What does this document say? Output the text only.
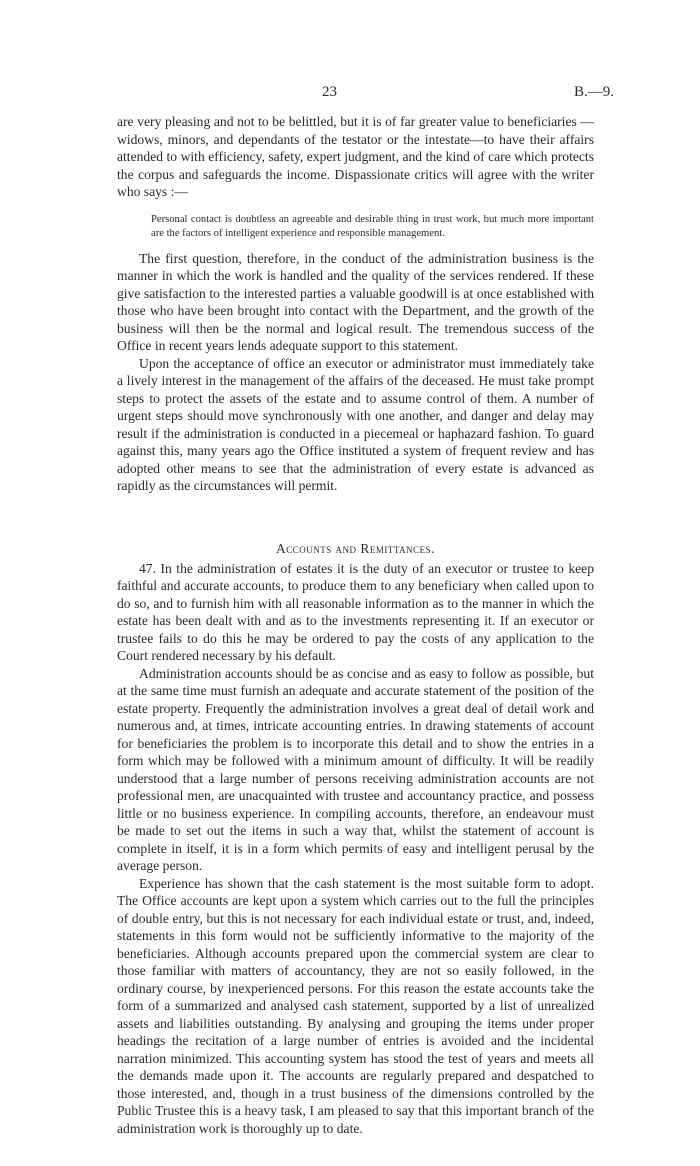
23	B.—9.

are very pleasing and not to be belittled, but it is of far greater value to beneficiaries —widows, minors, and dependants of the testator or the intestate—to have their affairs attended to with efficiency, safety, expert judgment, and the kind of care which protects the corpus and safeguards the income. Dispassionate critics will agree with the writer who says :—

Personal contact is doubtless an agreeable and desirable thing in trust work, but much more important are the factors of intelligent experience and responsible management.

The first question, therefore, in the conduct of the administration business is the manner in which the work is handled and the quality of the services rendered. If these give satisfaction to the interested parties a valuable goodwill is at once established with those who have been brought into contact with the Department, and the growth of the business will then be the normal and logical result. The tremendous success of the Office in recent years lends adequate support to this statement.

Upon the acceptance of office an executor or administrator must immediately take a lively interest in the management of the affairs of the deceased. He must take prompt steps to protect the assets of the estate and to assume control of them. A number of urgent steps should move synchronously with one another, and danger and delay may result if the administration is conducted in a piecemeal or haphazard fashion. To guard against this, many years ago the Office instituted a system of frequent review and has adopted other means to see that the administration of every estate is advanced as rapidly as the circumstances will permit.

Accounts and Remittances.

47. In the administration of estates it is the duty of an executor or trustee to keep faithful and accurate accounts, to produce them to any beneficiary when called upon to do so, and to furnish him with all reasonable information as to the manner in which the estate has been dealt with and as to the investments representing it. If an executor or trustee fails to do this he may be ordered to pay the costs of any application to the Court rendered necessary by his default.

Administration accounts should be as concise and as easy to follow as possible, but at the same time must furnish an adequate and accurate statement of the position of the estate property. Frequently the administration involves a great deal of detail work and numerous and, at times, intricate accounting entries. In drawing statements of account for beneficiaries the problem is to incorporate this detail and to show the entries in a form which may be followed with a minimum amount of difficulty. It will be readily understood that a large number of persons receiving administration accounts are not professional men, are unacquainted with trustee and accountancy practice, and possess little or no business experience. In compiling accounts, therefore, an endeavour must be made to set out the items in such a way that, whilst the statement of account is complete in itself, it is in a form which permits of easy and intelligent perusal by the average person.

Experience has shown that the cash statement is the most suitable form to adopt. The Office accounts are kept upon a system which carries out to the full the principles of double entry, but this is not necessary for each individual estate or trust, and, indeed, statements in this form would not be sufficiently informative to the majority of the beneficiaries. Although accounts prepared upon the commercial system are clear to those familiar with matters of accountancy, they are not so easily followed, in the ordinary course, by inexperienced persons. For this reason the estate accounts take the form of a summarized and analysed cash statement, supported by a list of unrealized assets and liabilities outstanding. By analysing and grouping the items under proper headings the recitation of a large number of entries is avoided and the incidental narration minimized. This accounting system has stood the test of years and meets all the demands made upon it. The accounts are regularly prepared and despatched to those interested, and, though in a trust business of the dimensions controlled by the Public Trustee this is a heavy task, I am pleased to say that this important branch of the administration work is thoroughly up to date.
